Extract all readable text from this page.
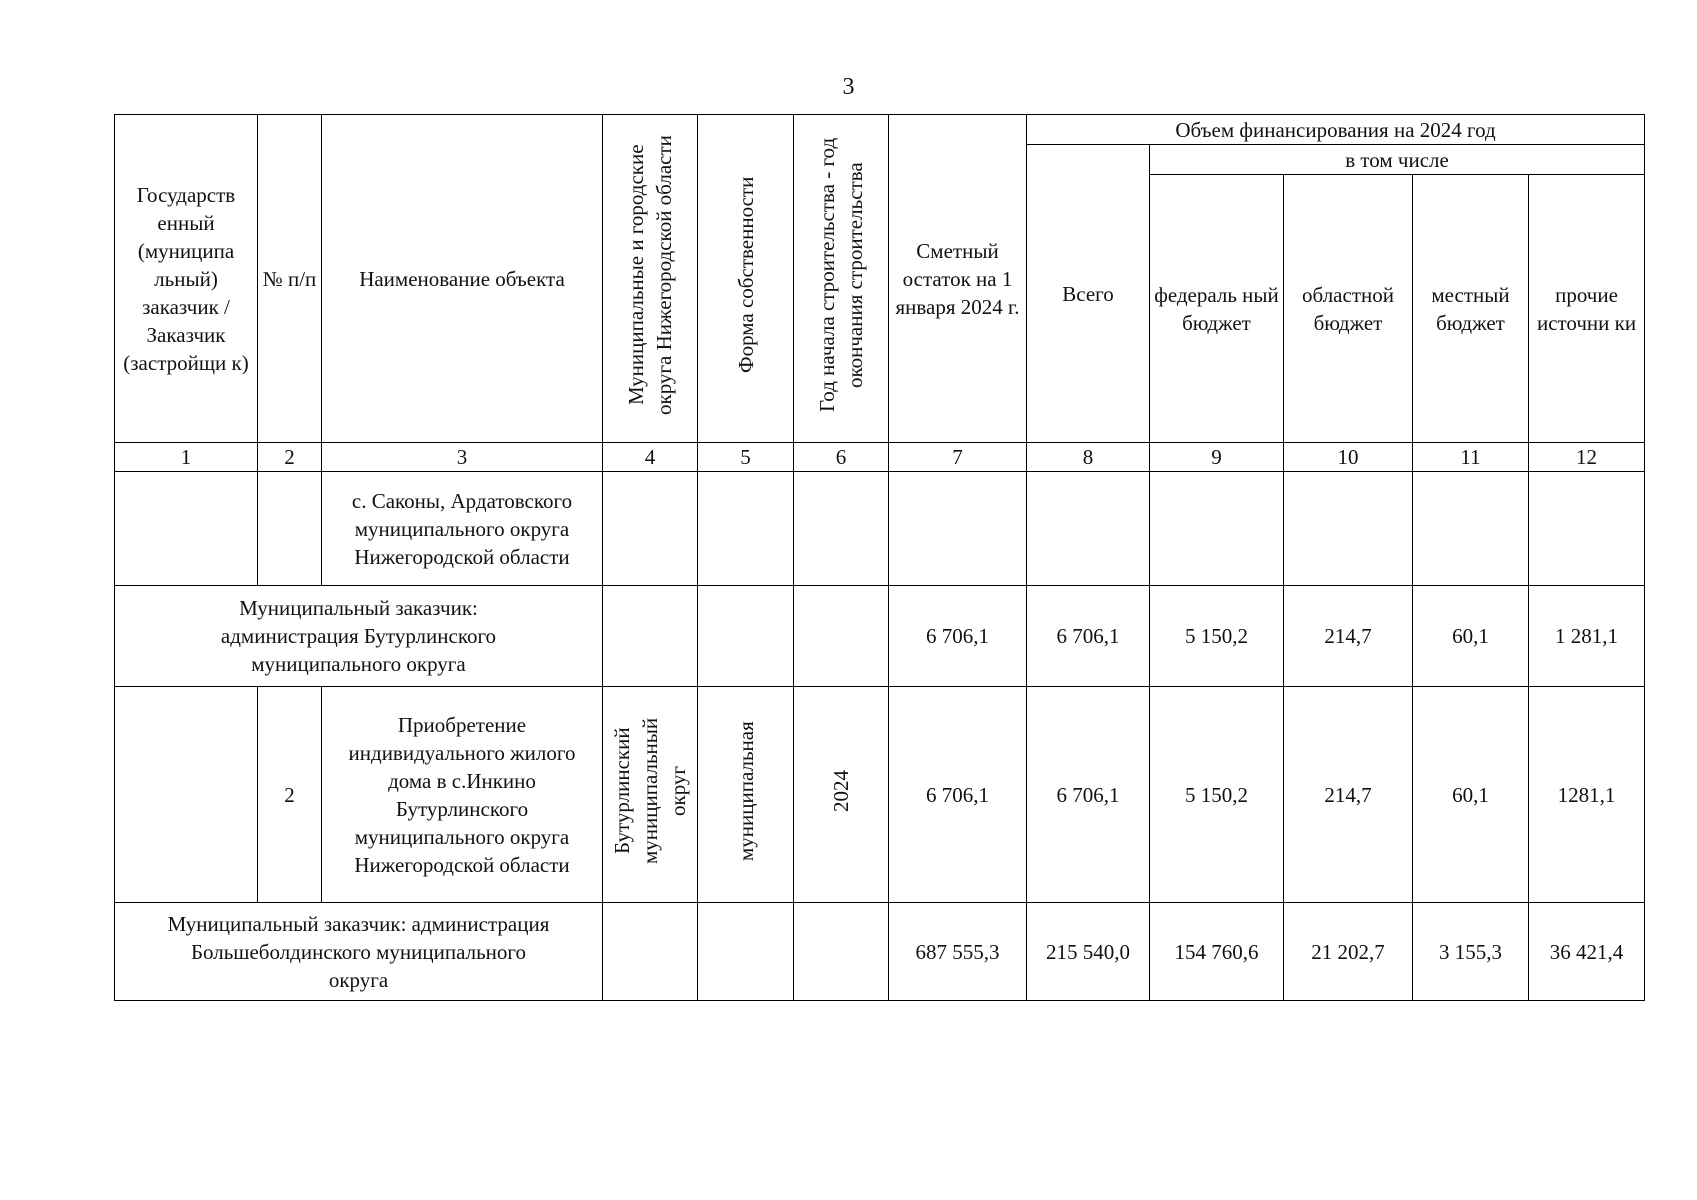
3
Государств енный (муниципа льный) заказчик / Заказчик (застройщи к)	№ п/п	Наименование объекта	Муниципальные и городские округа Нижегородской области	Форма собственности	Год начала строительства - год окончания строительства	Сметный остаток на 1 января 2024 г.	Объем финансирования на 2024 год				
							Всего	в том числе			
								федераль ный бюджет	областной бюджет	местный бюджет	прочие источни ки
1	2	3	4	5	6	7	8	9	10	11	12
		с. Саконы, Ардатовского муниципального округа Нижегородской области									
Муниципальный заказчик: администрация Бутурлинского муниципального округа						6 706,1	6 706,1	5 150,2	214,7	60,1	1 281,1
	2	Приобретение индивидуального жилого дома в с.Инкино Бутурлинского муниципального округа Нижегородской области	Бутурлинский муниципальный округ	муниципальная	2024	6 706,1	6 706,1	5 150,2	214,7	60,1	1281,1
Муниципальный заказчик: администрация Большеболдинского муниципального округа						687 555,3	215 540,0	154 760,6	21 202,7	3 155,3	36 421,4
